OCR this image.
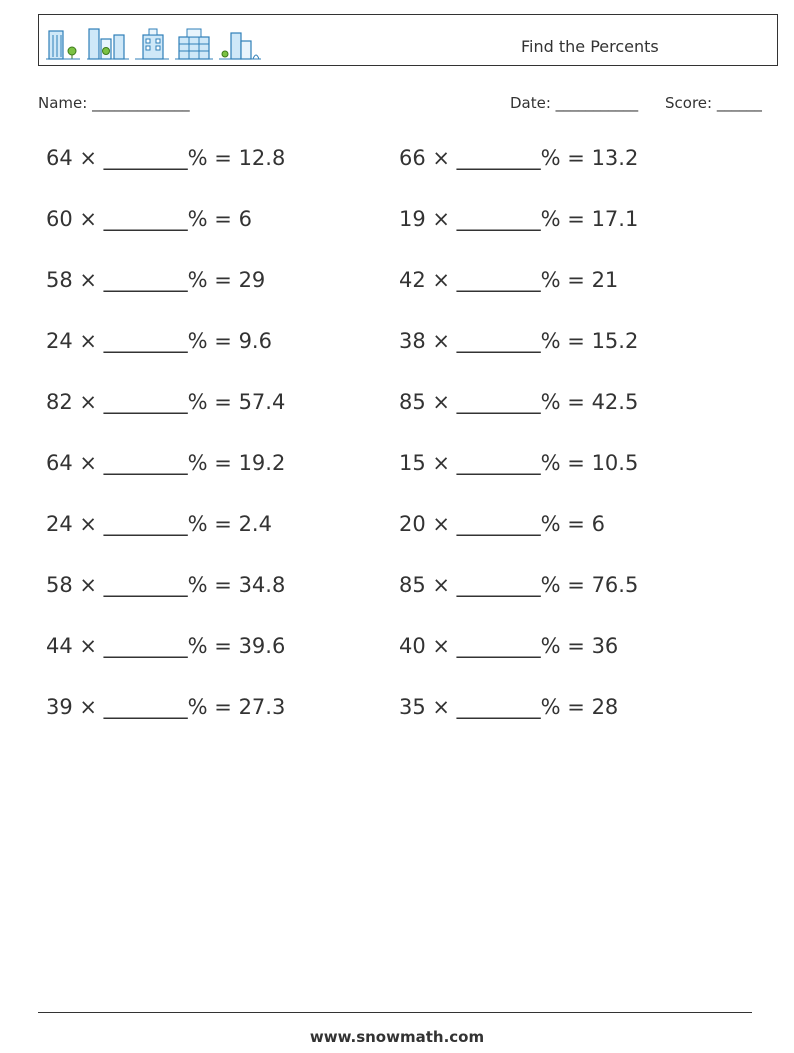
Find the Percents
Name: _____________	Date: ___________ Score: ______
64 × ________% = 12.8	66 × ________% = 13.2
60 × ________% = 6	19 × ________% = 17.1
58 × ________% = 29	42 × ________% = 21
24 × ________% = 9.6	38 × ________% = 15.2
82 × ________% = 57.4	85 × ________% = 42.5
64 × ________% = 19.2	15 × ________% = 10.5
24 × ________% = 2.4	20 × ________% = 6
58 × ________% = 34.8	85 × ________% = 76.5
44 × ________% = 39.6	40 × ________% = 36
39 × ________% = 27.3	35 × ________% = 28
www.snowmath.com
